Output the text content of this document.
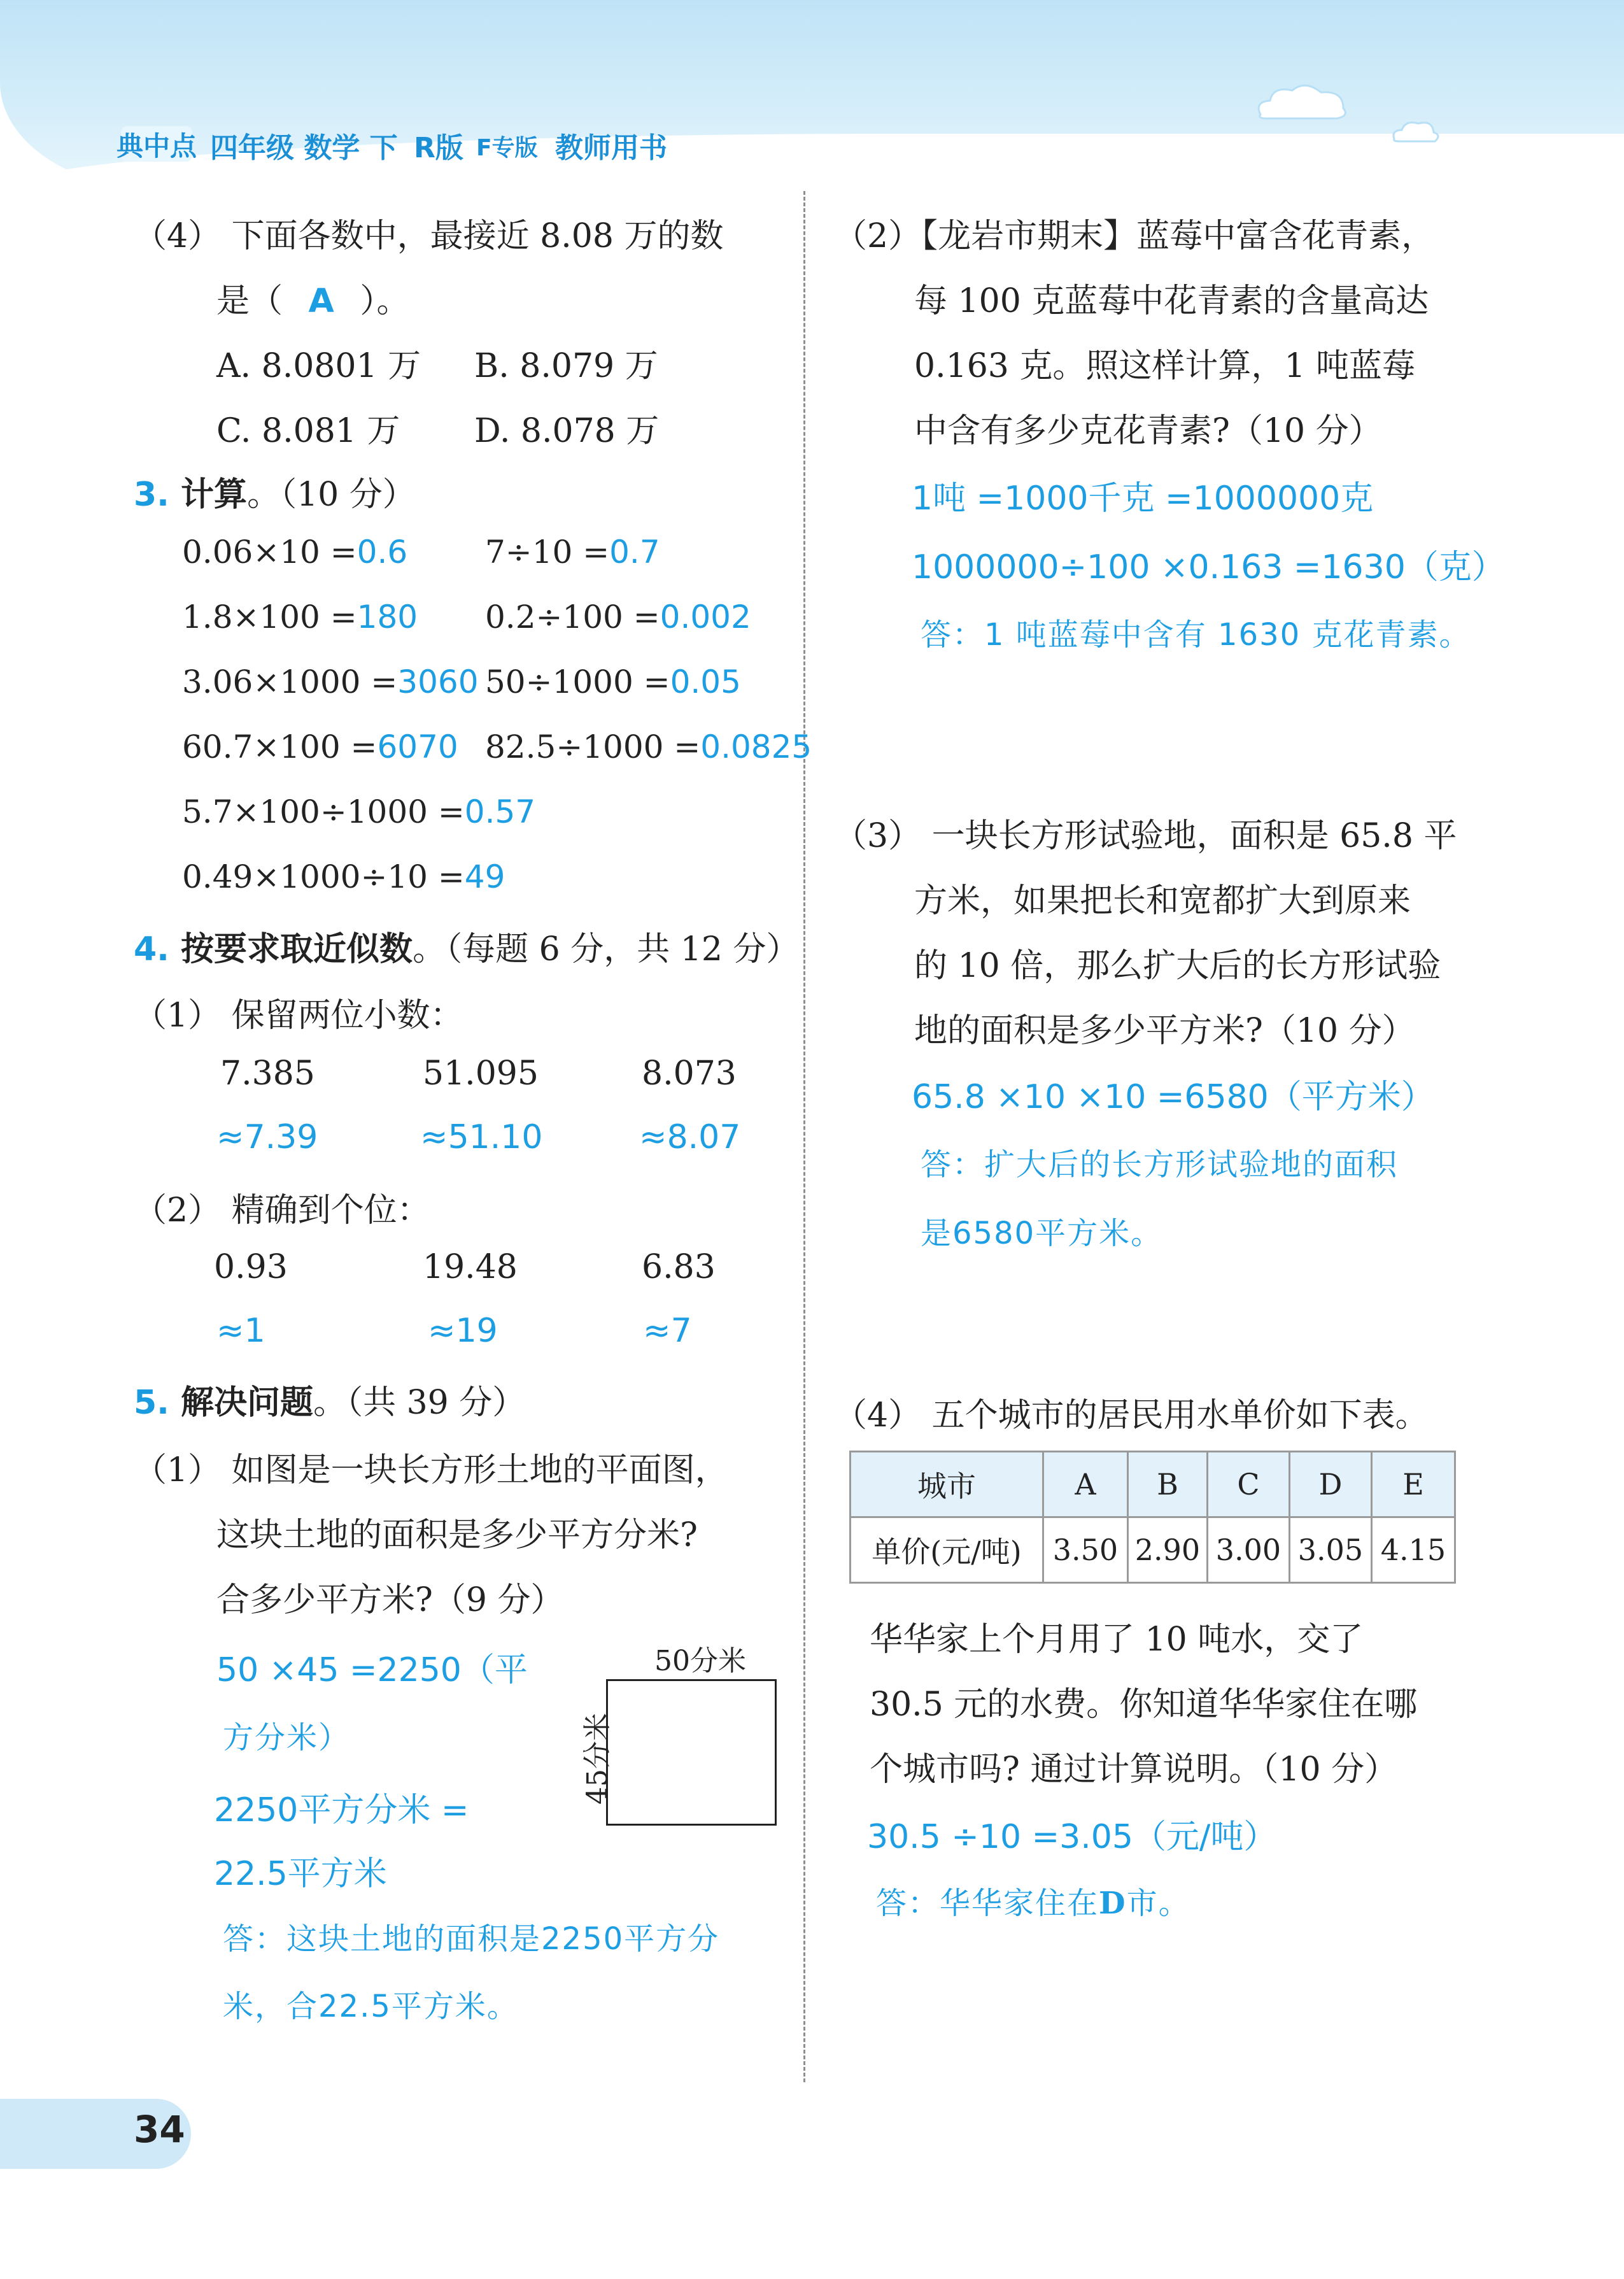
典中点 四年级 数学 下 R版 F专版 教师用书
（4） 下面各数中，最接近 8.08 万的数
是（ A ）。
A. 8.0801 万 B. 8.079 万
C. 8.081 万 D. 8.078 万
3. 计算。（10 分）
0.06×10 =0.6 7÷10 =0.7
1.8×100 =180 0.2÷100 =0.002
3.06×1000 =3060 50÷1000 =0.05
60.7×100 =6070 82.5÷1000 =0.0825
5.7×100÷1000 =0.57
0.49×1000÷10 =49
4. 按要求取近似数。（每题 6 分，共 12 分）
（1） 保留两位小数：
7.385	51.095	8.073
≈7.39	≈51.10	≈8.07
（2） 精确到个位：
0.93	19.48	6.83
≈1	≈19	≈7
5. 解决问题。（共 39 分）
（1） 如图是一块长方形土地的平面图，
这块土地的面积是多少平方分米?
合多少平方米?（9 分）
50 ×45 =2250（平
方分米）
2250平方分米 =
22.5平方米
答：这块土地的面积是2250平方分
米，合22.5平方米。
50分米
45分米
（2）【龙岩市期末】蓝莓中富含花青素，
每 100 克蓝莓中花青素的含量高达
0.163 克。照这样计算，1 吨蓝莓
中含有多少克花青素?（10 分）
1吨 =1000千克 =1000000克
1000000÷100 ×0.163 =1630（克）
答：1 吨蓝莓中含有 1630 克花青素。
（3） 一块长方形试验地，面积是 65.8 平
方米，如果把长和宽都扩大到原来
的 10 倍，那么扩大后的长方形试验
地的面积是多少平方米?（10 分）
65.8 ×10 ×10 =6580（平方米）
答：扩大后的长方形试验地的面积
是6580平方米。
（4） 五个城市的居民用水单价如下表。
城市	A	B	C	D	E
单价(元/吨)	3.50	2.90	3.00	3.05	4.15
华华家上个月用了 10 吨水，交了
30.5 元的水费。你知道华华家住在哪
个城市吗? 通过计算说明。（10 分）
30.5 ÷10 =3.05（元/吨）
答：华华家住在D市。
34
